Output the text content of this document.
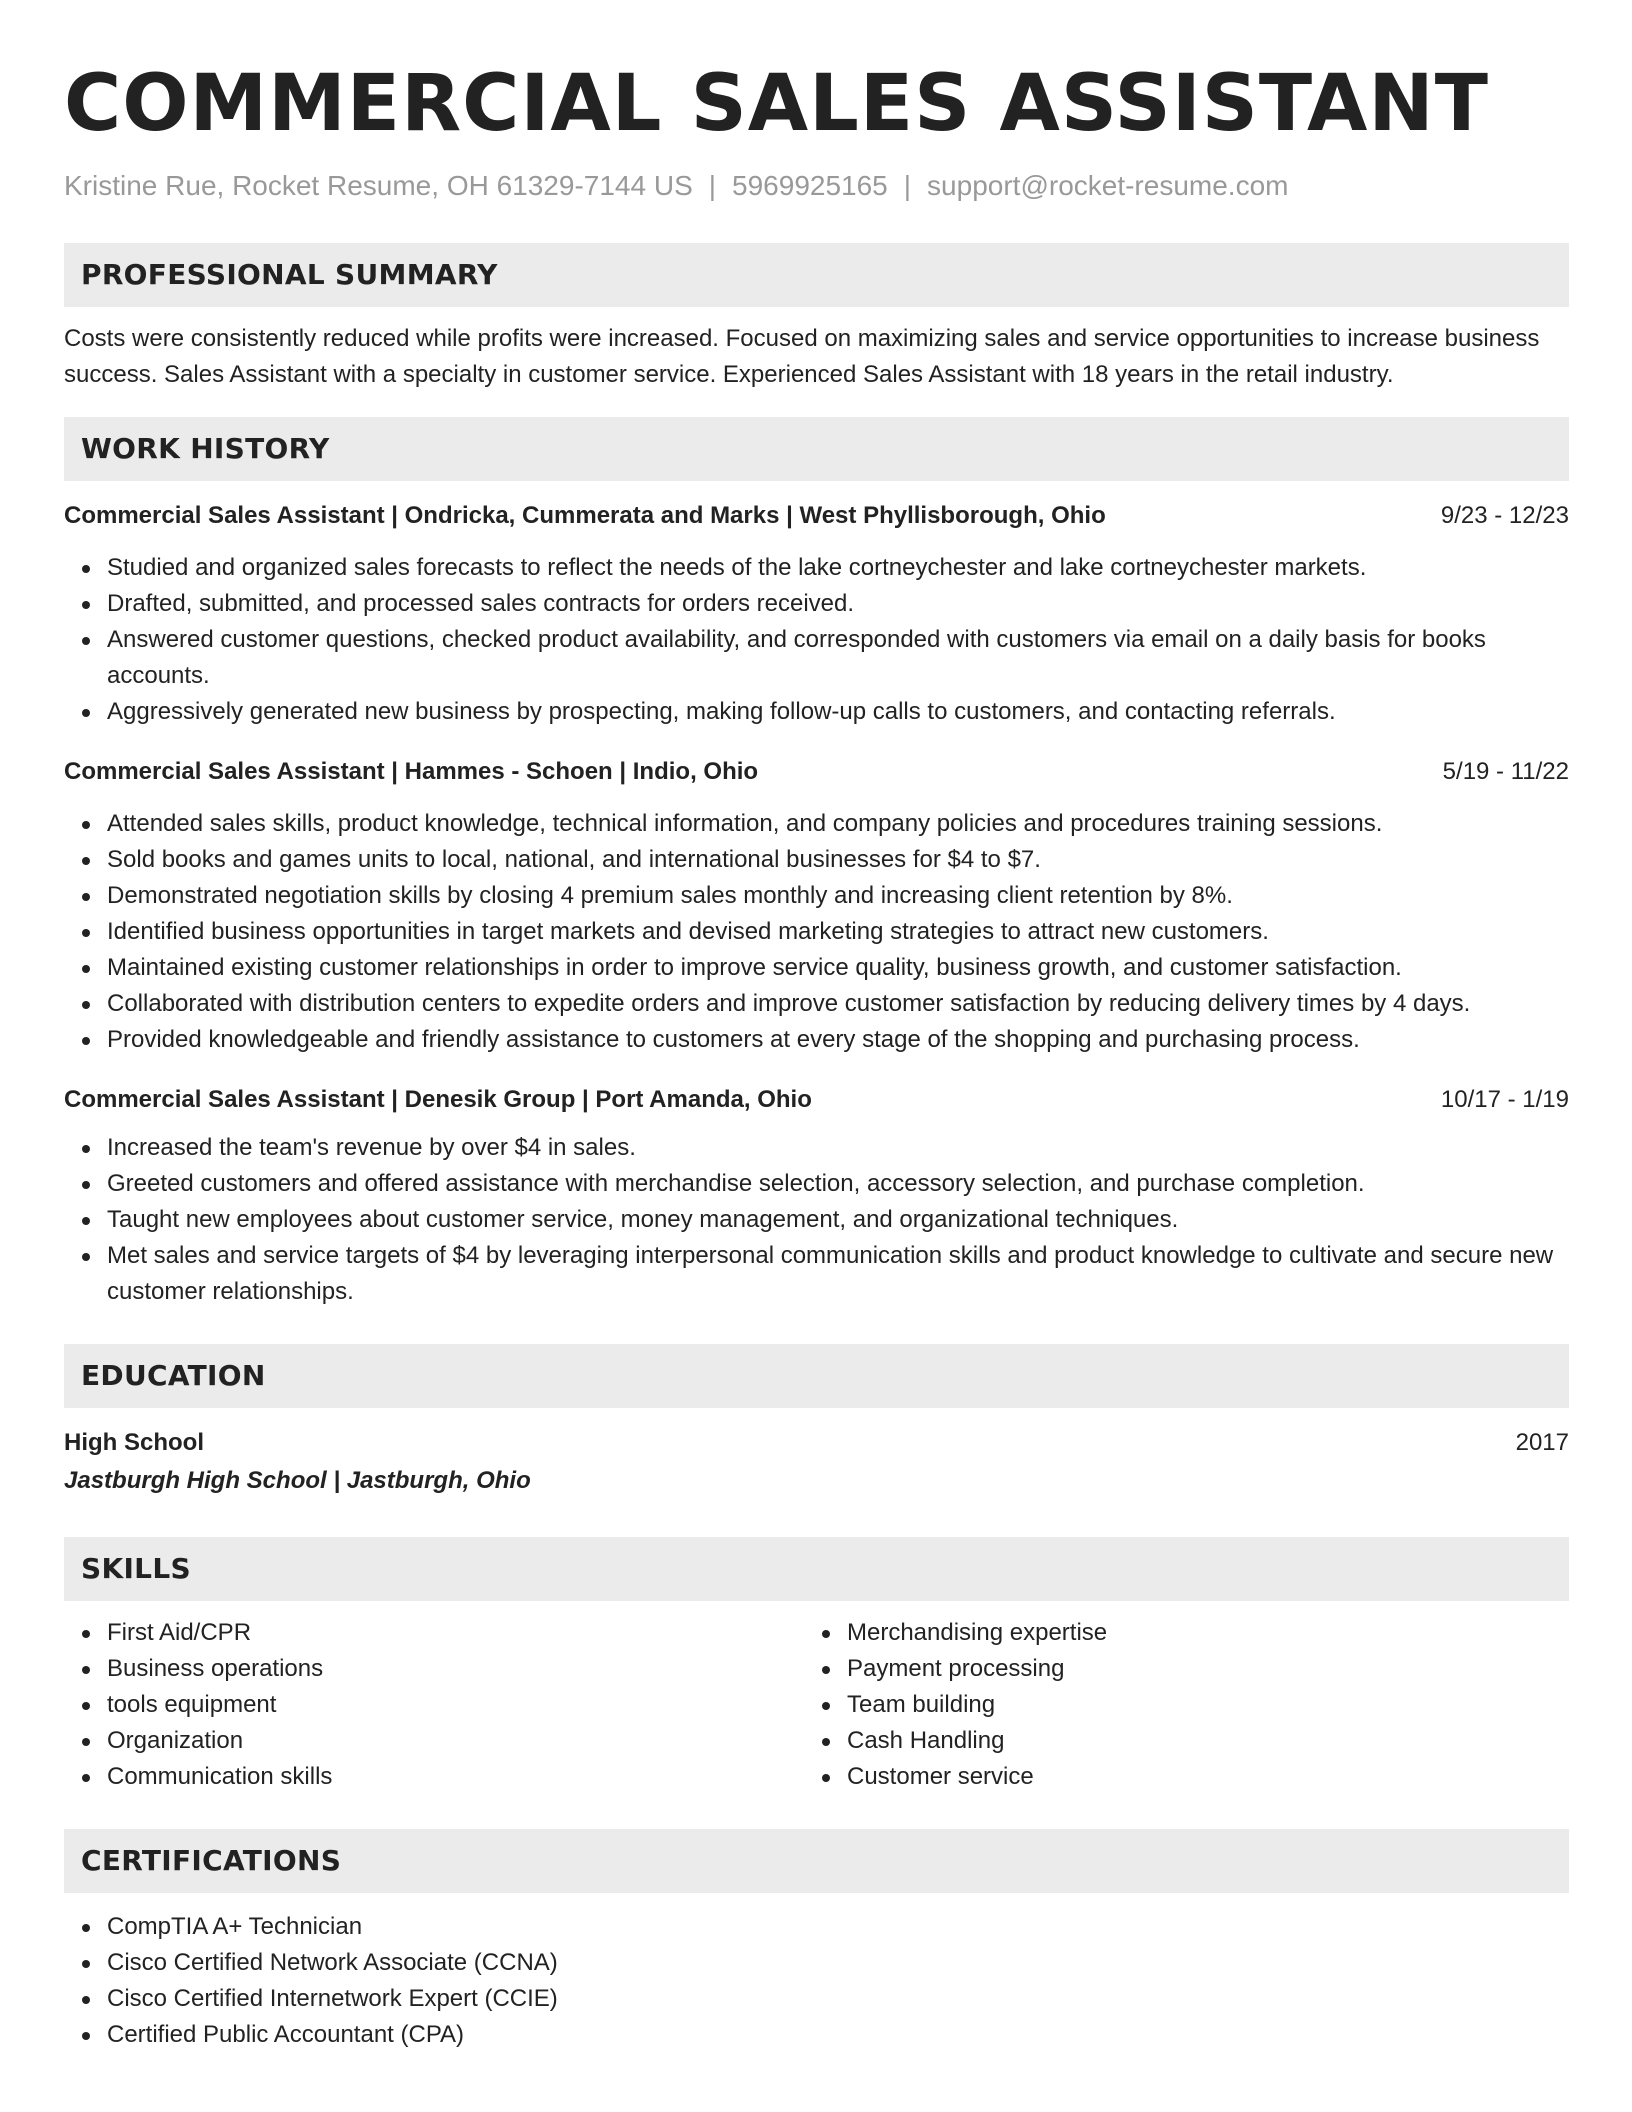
COMMERCIAL SALES ASSISTANT
Kristine Rue, Rocket Resume, OH 61329-7144 US | 5969925165 | support@rocket-resume.com
PROFESSIONAL SUMMARY

Costs were consistently reduced while profits were increased. Focused on maximizing sales and service opportunities to increase business success. Sales Assistant with a specialty in customer service. Experienced Sales Assistant with 18 years in the retail industry.

WORK HISTORY
Commercial Sales Assistant | Ondricka, Cummerata and Marks | West Phyllisborough, Ohio	9/23 - 12/23
Studied and organized sales forecasts to reflect the needs of the lake cortneychester and lake cortneychester markets.
Drafted, submitted, and processed sales contracts for orders received.
Answered customer questions, checked product availability, and corresponded with customers via email on a daily basis for books accounts.
Aggressively generated new business by prospecting, making follow-up calls to customers, and contacting referrals.
Commercial Sales Assistant | Hammes - Schoen | Indio, Ohio	5/19 - 11/22
Attended sales skills, product knowledge, technical information, and company policies and procedures training sessions.
Sold books and games units to local, national, and international businesses for $4 to $7.
Demonstrated negotiation skills by closing 4 premium sales monthly and increasing client retention by 8%.
Identified business opportunities in target markets and devised marketing strategies to attract new customers.
Maintained existing customer relationships in order to improve service quality, business growth, and customer satisfaction.
Collaborated with distribution centers to expedite orders and improve customer satisfaction by reducing delivery times by 4 days.
Provided knowledgeable and friendly assistance to customers at every stage of the shopping and purchasing process.
Commercial Sales Assistant | Denesik Group | Port Amanda, Ohio	10/17 - 1/19
Increased the team's revenue by over $4 in sales.
Greeted customers and offered assistance with merchandise selection, accessory selection, and purchase completion.
Taught new employees about customer service, money management, and organizational techniques.
Met sales and service targets of $4 by leveraging interpersonal communication skills and product knowledge to cultivate and secure new customer relationships.
EDUCATION
High School	2017
Jastburgh High School | Jastburgh, Ohio
SKILLS
First Aid/CPR
Business operations
tools equipment
Organization
Communication skills
Merchandising expertise
Payment processing
Team building
Cash Handling
Customer service
CERTIFICATIONS
CompTIA A+ Technician
Cisco Certified Network Associate (CCNA)
Cisco Certified Internetwork Expert (CCIE)
Certified Public Accountant (CPA)
